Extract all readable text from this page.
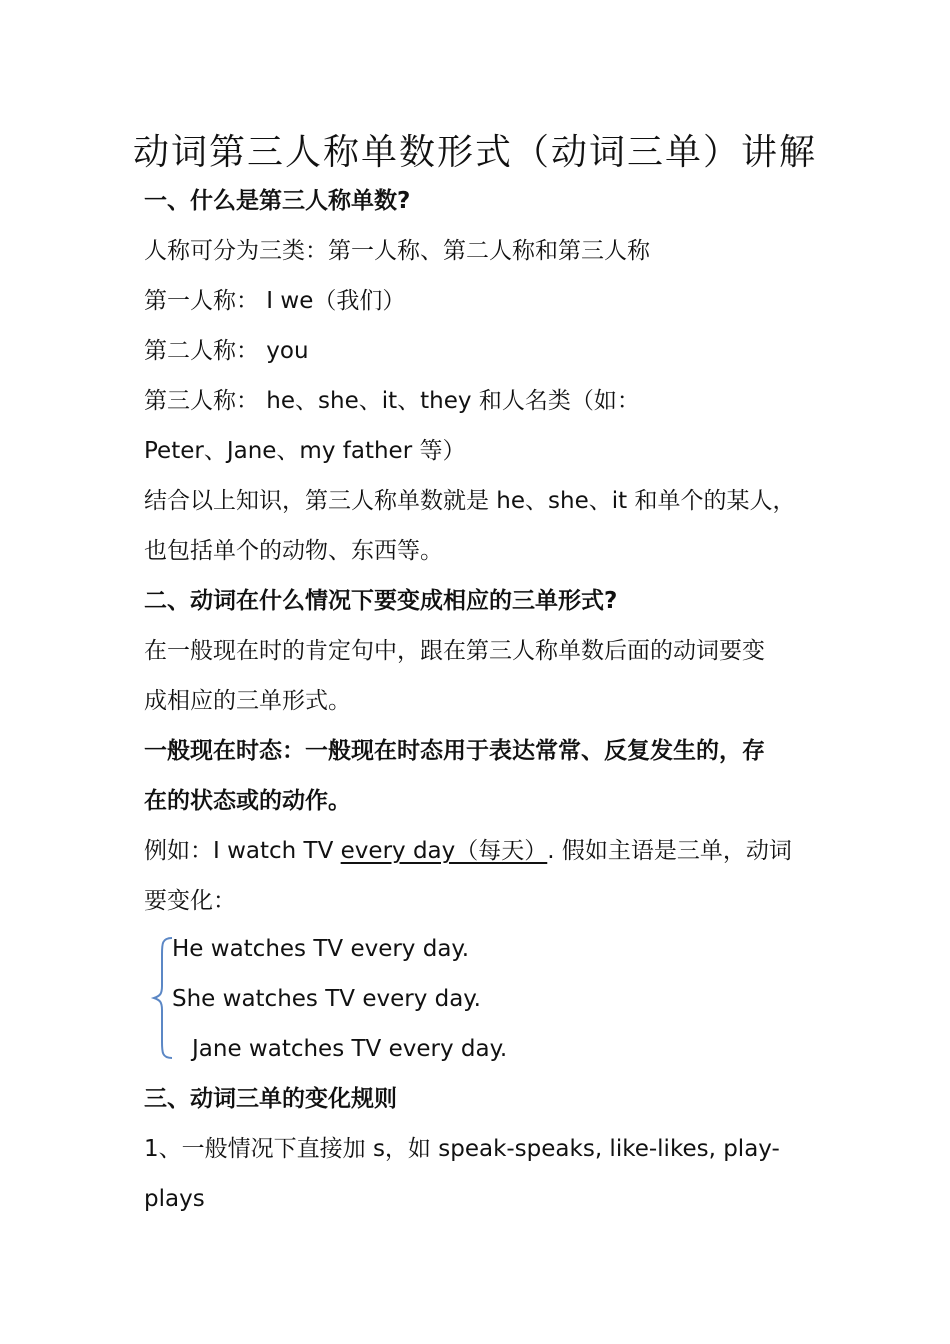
动词第三人称单数形式（动词三单）讲解
一、什么是第三人称单数?
人称可分为三类：第一人称、第二人称和第三人称
第一人称： I we（我们）
第二人称： you
第三人称： he、she、it、they 和人名类（如：
Peter、Jane、my father 等）
结合以上知识，第三人称单数就是 he、she、it 和单个的某人，
也包括单个的动物、东西等。
二、动词在什么情况下要变成相应的三单形式?
在一般现在时的肯定句中，跟在第三人称单数后面的动词要变
成相应的三单形式。
一般现在时态：一般现在时态用于表达常常、反复发生的，存
在的状态或的动作。
例如：I watch TV every day（每天）. 假如主语是三单，动词
要变化：
He watches TV every day.
She watches TV every day.
Jane watches TV every day.
三、动词三单的变化规则
1、一般情况下直接加 s，如 speak-speaks, like-likes, play-
plays
